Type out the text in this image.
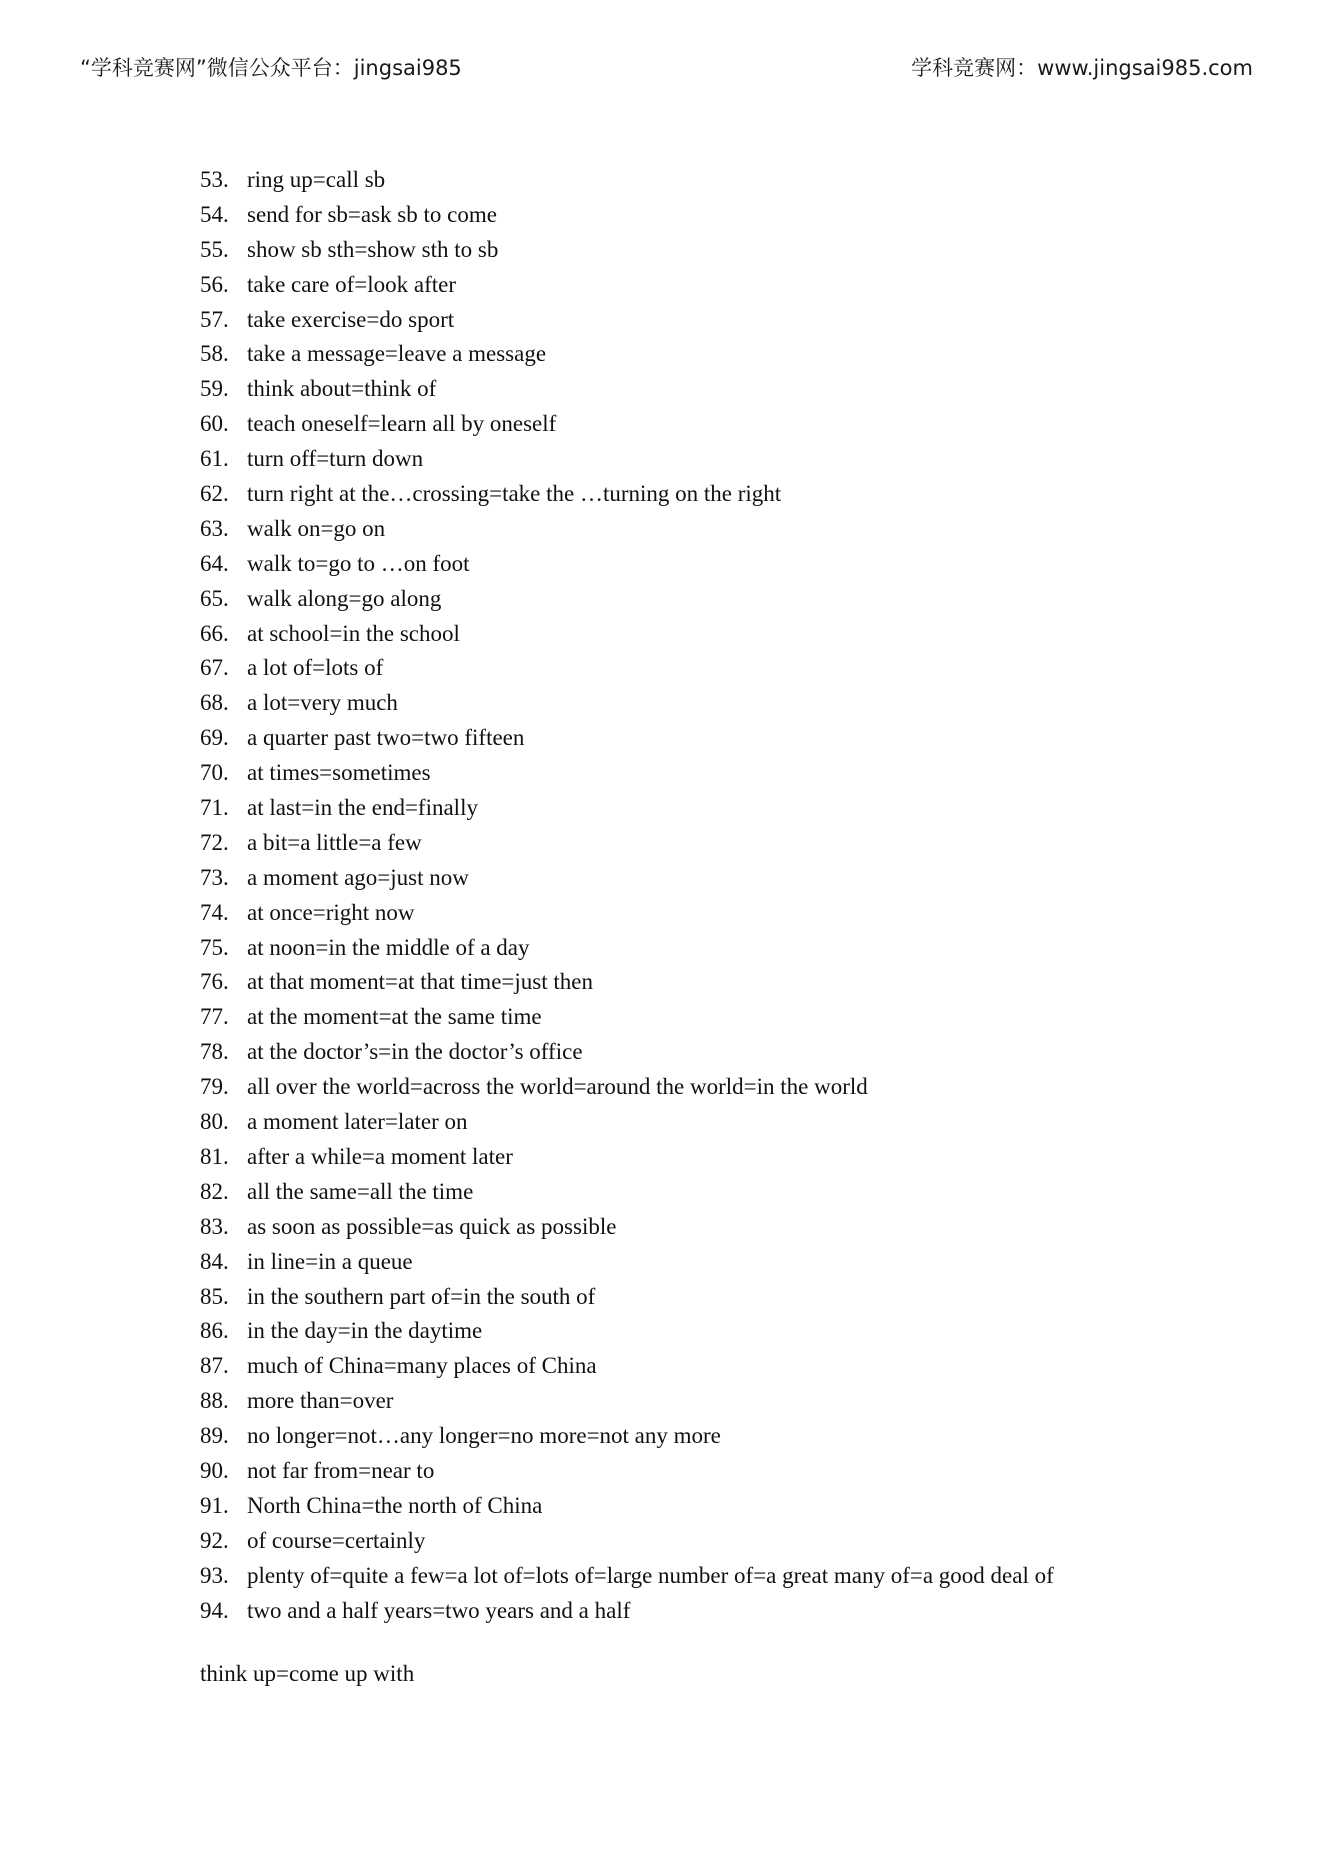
“学科竞赛网”微信公众平台：jingsai985	学科竞赛网：www.jingsai985.com
53. ring up=call sb
54. send for sb=ask sb to come
55. show sb sth=show sth to sb
56. take care of=look after
57. take exercise=do sport
58. take a message=leave a message
59. think about=think of
60. teach oneself=learn all by oneself
61. turn off=turn down
62. turn right at the…crossing=take the …turning on the right
63. walk on=go on
64. walk to=go to …on foot
65. walk along=go along
66. at school=in the school
67. a lot of=lots of
68. a lot=very much
69. a quarter past two=two fifteen
70. at times=sometimes
71. at last=in the end=finally
72. a bit=a little=a few
73. a moment ago=just now
74. at once=right now
75. at noon=in the middle of a day
76. at that moment=at that time=just then
77. at the moment=at the same time
78. at the doctor’s=in the doctor’s office
79. all over the world=across the world=around the world=in the world
80. a moment later=later on
81. after a while=a moment later
82. all the same=all the time
83. as soon as possible=as quick as possible
84. in line=in a queue
85. in the southern part of=in the south of
86. in the day=in the daytime
87. much of China=many places of China
88. more than=over
89. no longer=not…any longer=no more=not any more
90. not far from=near to
91. North China=the north of China
92. of course=certainly
93. plenty of=quite a few=a lot of=lots of=large number of=a great many of=a good deal of
94. two and a half years=two years and a half
think up=come up with
